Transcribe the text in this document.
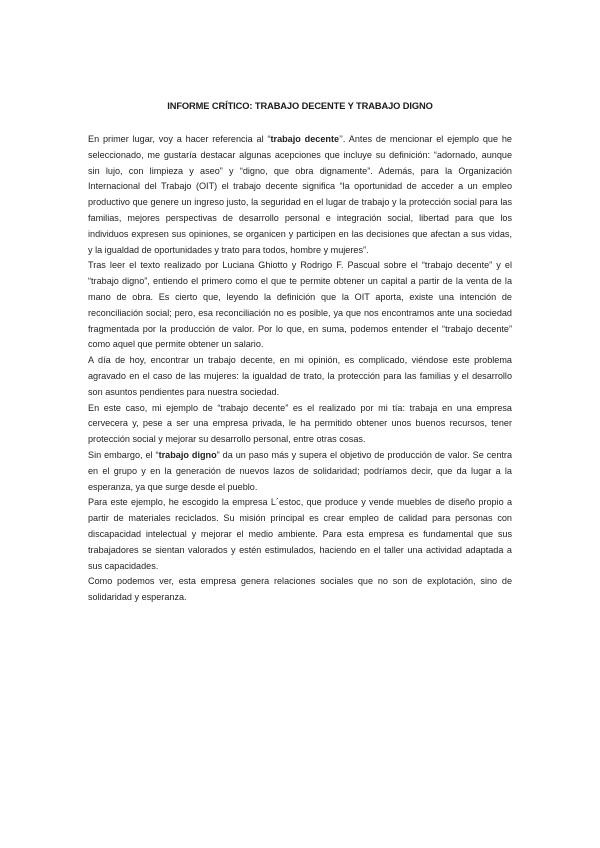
INFORME CRÍTICO: TRABAJO DECENTE Y TRABAJO DIGNO

En primer lugar, voy a hacer referencia al “trabajo decente’’. Antes de mencionar el ejemplo que he seleccionado, me gustaría destacar algunas acepciones que incluye su definición: “adornado, aunque sin lujo, con limpieza y aseo” y “digno, que obra dignamente”. Además, para la Organización Internacional del Trabajo (OIT) el trabajo decente significa “la oportunidad de acceder a un empleo productivo que genere un ingreso justo, la seguridad en el lugar de trabajo y la protección social para las familias, mejores perspectivas de desarrollo personal e integración social, libertad para que los individuos expresen sus opiniones, se organicen y participen en las decisiones que afectan a sus vidas, y la igualdad de oportunidades y trato para todos, hombre y mujeres”.

Tras leer el texto realizado por Luciana Ghiotto y Rodrigo F. Pascual sobre el “trabajo decente” y el “trabajo digno”, entiendo el primero como el que te permite obtener un capital a partir de la venta de la mano de obra. Es cierto que, leyendo la definición que la OIT aporta, existe una intención de reconciliación social; pero, esa reconciliación no es posible, ya que nos encontramos ante una sociedad fragmentada por la producción de valor. Por lo que, en suma, podemos entender el “trabajo decente” como aquel que permite obtener un salario.

A día de hoy, encontrar un trabajo decente, en mi opinión, es complicado, viéndose este problema agravado en el caso de las mujeres: la igualdad de trato, la protección para las familias y el desarrollo son asuntos pendientes para nuestra sociedad.

En este caso, mi ejemplo de “trabajo decente” es el realizado por mi tía: trabaja en una empresa cervecera y, pese a ser una empresa privada, le ha permitido obtener unos buenos recursos, tener protección social y mejorar su desarrollo personal, entre otras cosas.

Sin embargo, el “trabajo digno” da un paso más y supera el objetivo de producción de valor. Se centra en el grupo y en la generación de nuevos lazos de solidaridad; podríamos decir, que da lugar a la esperanza, ya que surge desde el pueblo.

Para este ejemplo, he escogido la empresa L´estoc, que produce y vende muebles de diseño propio a partir de materiales reciclados. Su misión principal es crear empleo de calidad para personas con discapacidad intelectual y mejorar el medio ambiente. Para esta empresa es fundamental que sus trabajadores se sientan valorados y estén estimulados, haciendo en el taller una actividad adaptada a sus capacidades.

Como podemos ver, esta empresa genera relaciones sociales que no son de explotación, sino de solidaridad y esperanza.
